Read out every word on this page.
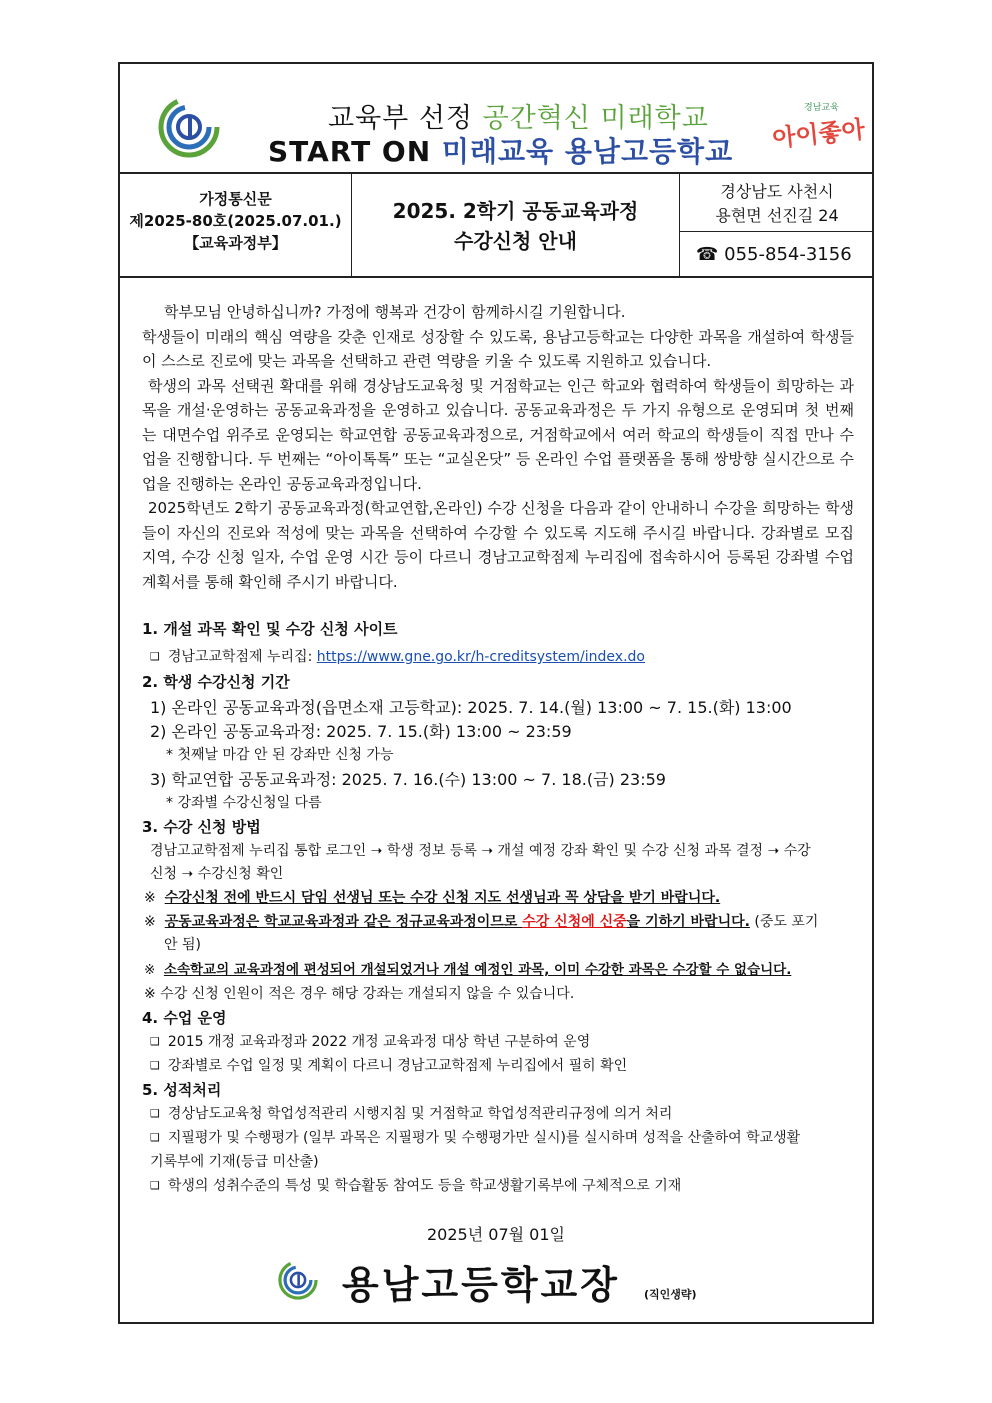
교육부 선정 공간혁신 미래학교
START ON 미래교육 용남고등학교
경남교육
아이좋아
가정통신문
제2025-80호(2025.07.01.)
【교육과정부】
2025. 2학기 공동교육과정
수강신청 안내
경상남도 사천시
용현면 선진길 24
☎ 055-854-3156

학부모님 안녕하십니까? 가정에 행복과 건강이 함께하시길 기원합니다.

학생들이 미래의 핵심 역량을 갖춘 인재로 성장할 수 있도록, 용남고등학교는 다양한 과목을 개설하여 학생들이 스스로 진로에 맞는 과목을 선택하고 관련 역량을 키울 수 있도록 지원하고 있습니다.

학생의 과목 선택권 확대를 위해 경상남도교육청 및 거점학교는 인근 학교와 협력하여 학생들이 희망하는 과목을 개설·운영하는 공동교육과정을 운영하고 있습니다. 공동교육과정은 두 가지 유형으로 운영되며 첫 번째는 대면수업 위주로 운영되는 학교연합 공동교육과정으로, 거점학교에서 여러 학교의 학생들이 직접 만나 수업을 진행합니다. 두 번째는 “아이톡톡” 또는 “교실온닷” 등 온라인 수업 플랫폼을 통해 쌍방향 실시간으로 수업을 진행하는 온라인 공동교육과정입니다.

2025학년도 2학기 공동교육과정(학교연합,온라인) 수강 신청을 다음과 같이 안내하니 수강을 희망하는 학생들이 자신의 진로와 적성에 맞는 과목을 선택하여 수강할 수 있도록 지도해 주시길 바랍니다. 강좌별로 모집 지역, 수강 신청 일자, 수업 운영 시간 등이 다르니 경남고교학점제 누리집에 접속하시어 등록된 강좌별 수업계획서를 통해 확인해 주시기 바랍니다.

1. 개설 과목 확인 및 수강 신청 사이트
❑ 경남고교학점제 누리집: https://www.gne.go.kr/h-creditsystem/index.do
2. 학생 수강신청 기간
1) 온라인 공동교육과정(읍면소재 고등학교): 2025. 7. 14.(월) 13:00 ~ 7. 15.(화) 13:00
2) 온라인 공동교육과정: 2025. 7. 15.(화) 13:00 ~ 23:59
* 첫째날 마감 안 된 강좌만 신청 가능
3) 학교연합 공동교육과정: 2025. 7. 16.(수) 13:00 ~ 7. 18.(금) 23:59
* 강좌별 수강신청일 다름
3. 수강 신청 방법
경남고교학점제 누리집 통합 로그인 ➝ 학생 정보 등록 ➝ 개설 예정 강좌 확인 및 수강 신청 과목 결정 ➝ 수강
신청 ➝ 수강신청 확인
※ 수강신청 전에 반드시 담임 선생님 또는 수강 신청 지도 선생님과 꼭 상담을 받기 바랍니다.
※ 공동교육과정은 학교교육과정과 같은 정규교육과정이므로 수강 신청에 신중을 기하기 바랍니다. (중도 포기
안 됨)
※ 소속학교의 교육과정에 편성되어 개설되었거나 개설 예정인 과목, 이미 수강한 과목은 수강할 수 없습니다.
※ 수강 신청 인원이 적은 경우 해당 강좌는 개설되지 않을 수 있습니다.
4. 수업 운영
❑ 2015 개정 교육과정과 2022 개정 교육과정 대상 학년 구분하여 운영
❑ 강좌별로 수업 일정 및 계획이 다르니 경남고교학점제 누리집에서 필히 확인
5. 성적처리
❑ 경상남도교육청 학업성적관리 시행지침 및 거점학교 학업성적관리규정에 의거 처리
❑ 지필평가 및 수행평가 (일부 과목은 지필평가 및 수행평가만 실시)를 실시하며 성적을 산출하여 학교생활
기록부에 기재(등급 미산출)
❑ 학생의 성취수준의 특성 및 학습활동 참여도 등을 학교생활기록부에 구체적으로 기재
2025년 07월 01일
용남고등학교장 (직인생략)
